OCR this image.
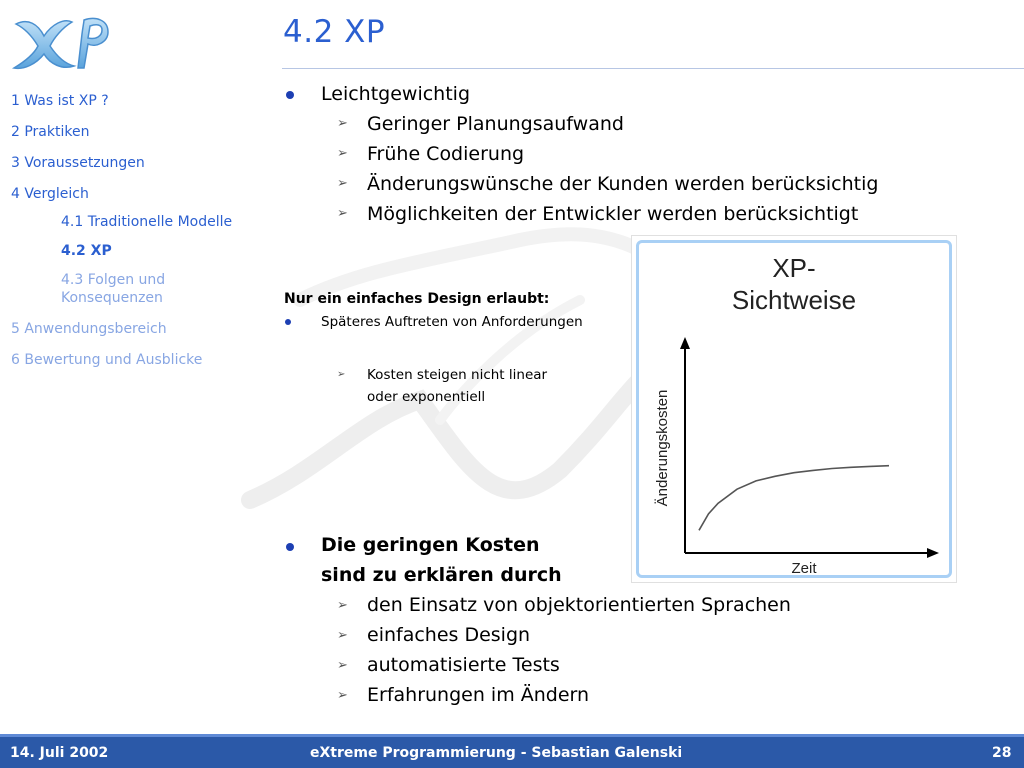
4.2 XP
1 Was ist XP ?
2 Praktiken
3 Voraussetzungen
4 Vergleich
4.1 Traditionelle Modelle
4.2 XP
4.3 Folgen und Konsequenzen
5 Anwendungsbereich
6 Bewertung und Ausblicke
Leichtgewichtig
➢ Geringer Planungsaufwand
➢ Frühe Codierung
➢ Änderungswünsche der Kunden werden berücksichtig
➢ Möglichkeiten der Entwickler werden berücksichtigt
Nur ein einfaches Design erlaubt:
Späteres Auftreten von Anforderungen
➢ Kosten steigen nicht linear
oder exponentiell
Die geringen Kosten
sind zu erklären durch
➢ den Einsatz von objektorientierten Sprachen
➢ einfaches Design
➢ automatisierte Tests
➢ Erfahrungen im Ändern
XP-
Sichtweise
Änderungskosten
Zeit
14. Juli 2002	eXtreme Programmierung - Sebastian Galenski	28
